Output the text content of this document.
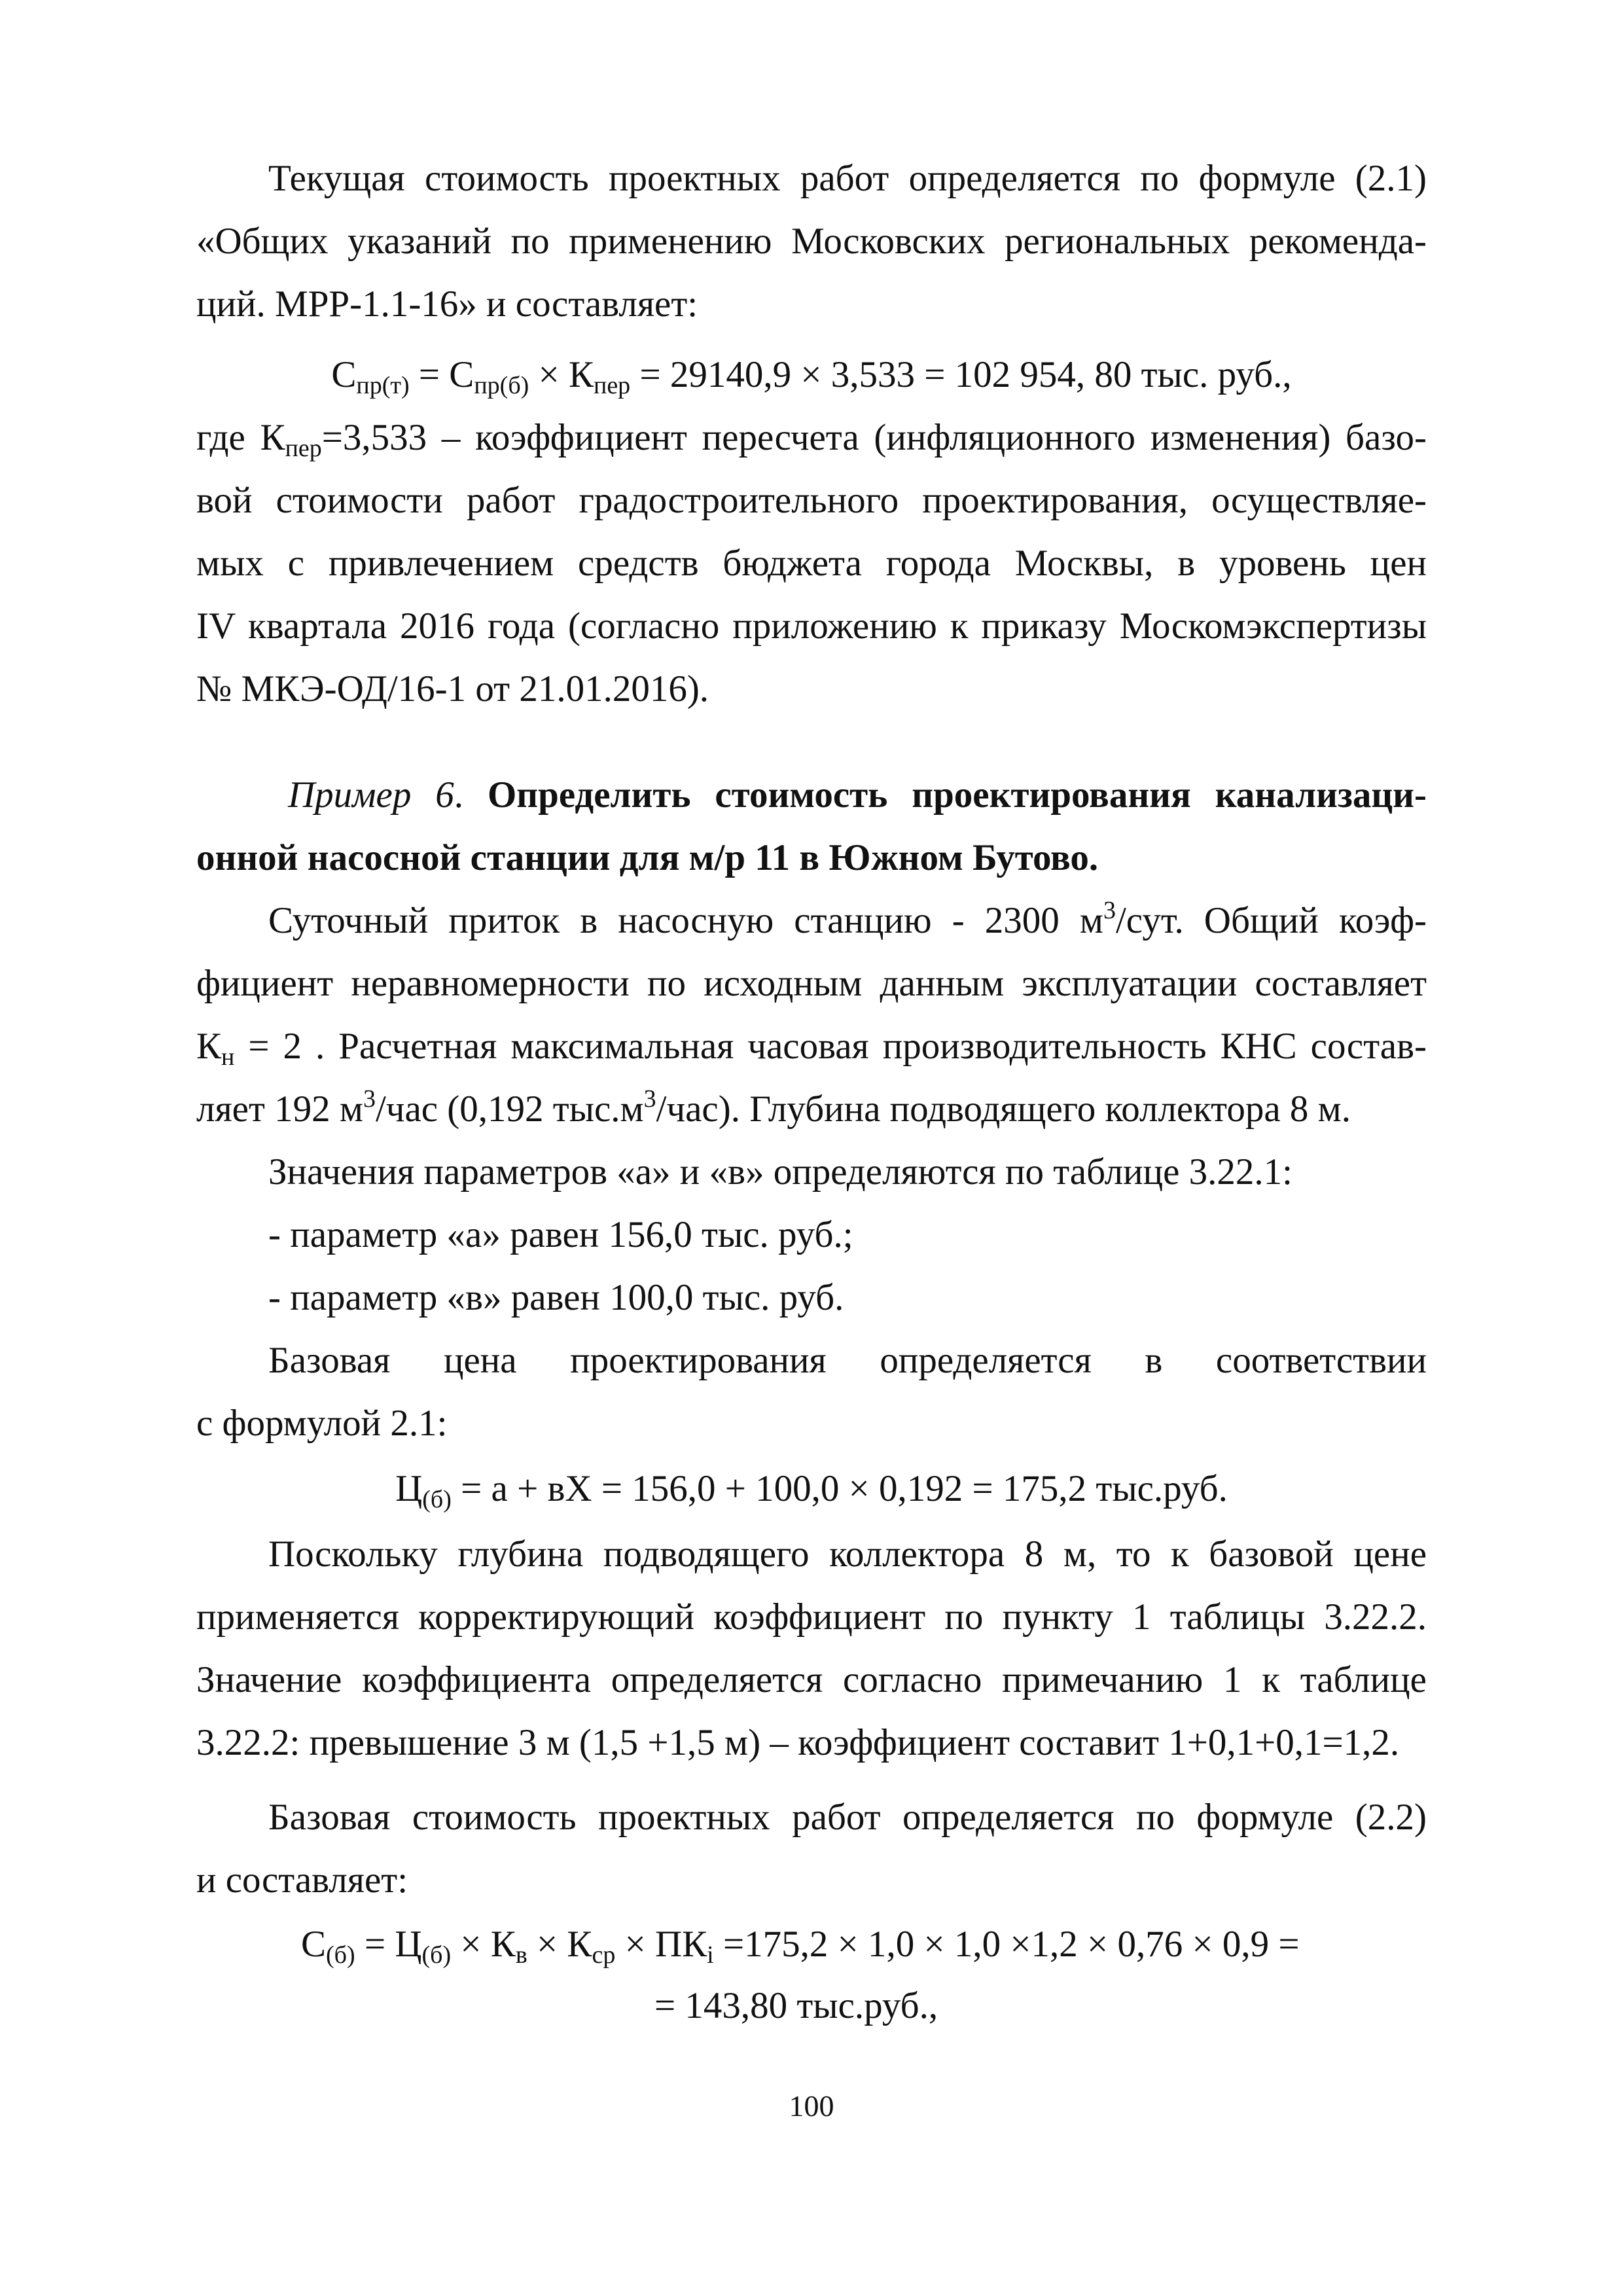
Текущая стоимость проектных работ определяется по формуле (2.1)
«Общих указаний по применению Московских региональных рекоменда-
ций. МРР-1.1-16» и составляет:
$С_{пр(т)} = С_{пр(б)} \times К_{пер} = 29140,9 \times 3,533 = 102$ 954, 80 тыс. руб.,
где $К_{пер}=3,533$ – коэффициент пересчета (инфляционного изменения) базо-
вой стоимости работ градостроительного проектирования, осуществляе-
мых с привлечением средств бюджета города Москвы, в уровень цен
IV квартала 2016 года (согласно приложению к приказу Москомэкспертизы
№ МКЭ-ОД/16-1 от 21.01.2016).
Пример 6. Определить стоимость проектирования канализаци-
онной насосной станции для м/р 11 в Южном Бутово.
Суточный приток в насосную станцию - 2300 $м^3$/сут. Общий коэф-
фициент неравномерности по исходным данным эксплуатации составляет
$К_н = 2$ . Расчетная максимальная часовая производительность КНС состав-
ляет 192 $м^3$/час (0,192 $тыс.м^3/час$). Глубина подводящего коллектора 8 м.
Значения параметров «а» и «в» определяются по таблице 3.22.1:
- параметр «а» равен 156,0 тыс. руб.;
- параметр «в» равен 100,0 тыс. руб.
Базовая цена проектирования определяется в соответствии
с формулой 2.1:
$Ц_{(б)} = а$ + вХ = 156,0 + 100,0 × 0,192 = 175,2 тыс.руб.
Поскольку глубина подводящего коллектора 8 м, то к базовой цене
применяется корректирующий коэффициент по пункту 1 таблицы 3.22.2.
Значение коэффициента определяется согласно примечанию 1 к таблице
3.22.2: превышение 3 м (1,5 +1,5 м) – коэффициент составит 1+0,1+0,1=1,2.
Базовая стоимость проектных работ определяется по формуле (2.2)
и составляет:
$С_{(б)} = Ц_{(б)} \times К_в \times К_{ср} \times ПК_i =175,2 \times 1,0 \times 1,0 \times 1,2 \times 0,76 \times 0,9$ =
= 143,80 тыс.руб.,
100
